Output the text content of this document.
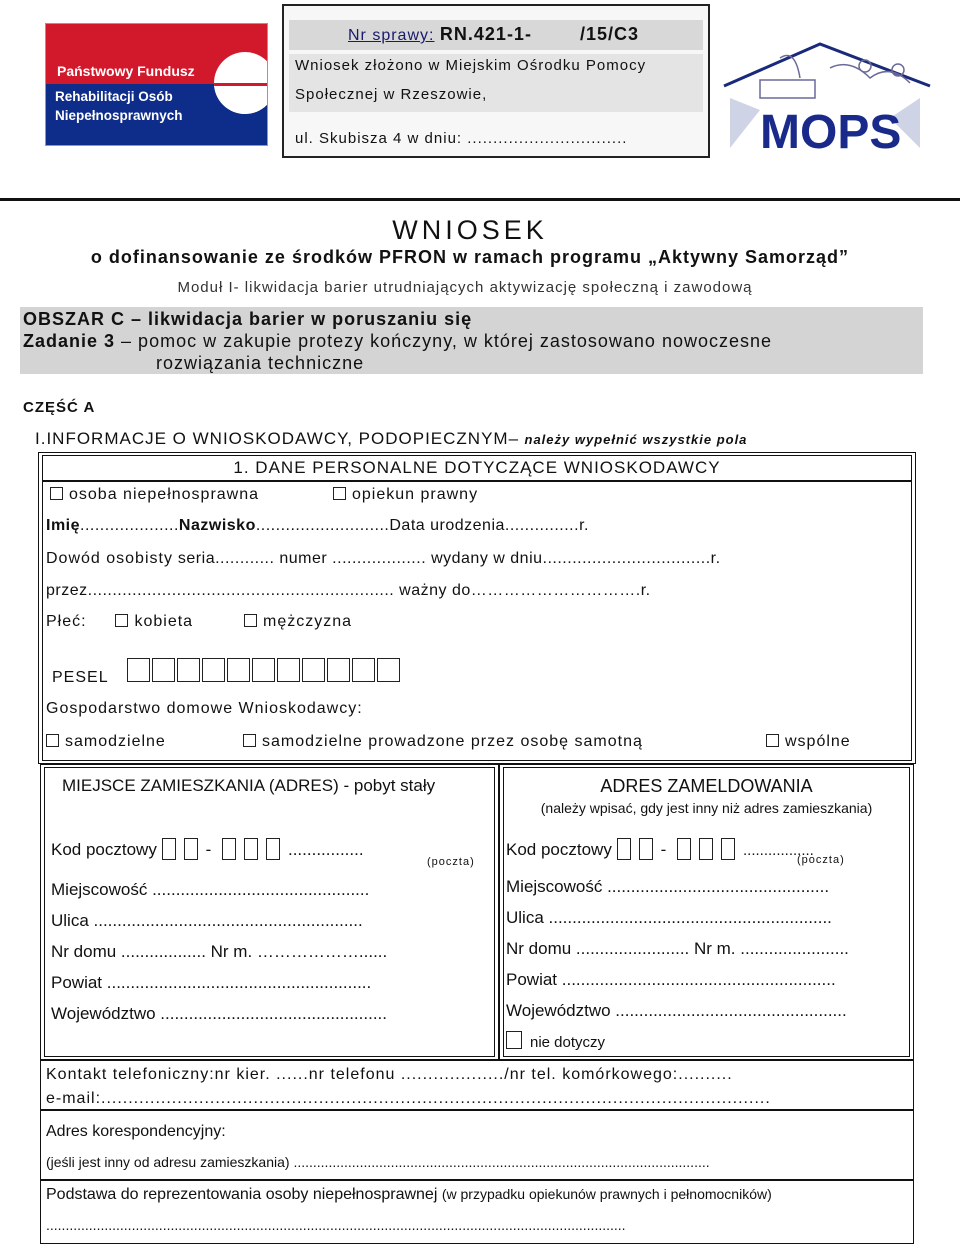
Państwowy Fundusz
Rehabilitacji Osób
Niepełnosprawnych
Nr sprawy: RN.421-1-        /15/C3
Wniosek złożono w Miejskim Ośrodku Pomocy
Społecznej w Rzeszowie,
ul. Skubisza 4 w dniu: ...............................	MOPS
WNIOSEK
o dofinansowanie ze środków PFRON w ramach programu „Aktywny Samorząd”
Moduł I- likwidacja barier utrudniających aktywizację społeczną i zawodową
OBSZAR C – likwidacja barier w poruszaniu się
Zadanie 3 – pomoc w zakupie protezy kończyny, w której zastosowano nowoczesne
rozwiązania techniczne
CZĘŚĆ A
I.INFORMACJE O WNIOSKODAWCY, PODOPIECZNYM– należy wypełnić wszystkie pola
1. DANE PERSONALNE DOTYCZĄCE WNIOSKODAWCY
osoba niepełnosprawna	opiekun prawny
Imię....................Nazwisko...........................Data urodzenia...............r.
Dowód osobisty seria............ numer ................... wydany w dniu..................................r.
przez.............................................................. ważny do………………………….r.
Płeć:	kobieta	mężczyzna
PESEL
Gospodarstwo domowe Wnioskodawcy:
samodzielne	samodzielne prowadzone przez osobę samotną	wspólne
MIEJSCE ZAMIESZKANIA (ADRES) - pobyt stały
Kod pocztowy	-	................
(poczta)
Miejscowość ..............................................
Ulica .........................................................
Nr domu .................. Nr m. ………………......
Powiat ........................................................
Województwo ................................................
ADRES ZAMELDOWANIA
(należy wpisać, gdy jest inny niż adres zamieszkania)
Kod pocztowy	-	.................
(poczta)
Miejscowość ...............................................
Ulica ............................................................
Nr domu ........................ Nr m. .......................
Powiat ..........................................................
Województwo .................................................
nie dotyczy
Kontakt telefoniczny:nr kier. ......nr telefonu .................../nr tel. komórkowego:..........
e-mail:...........................................................................................................................
Adres korespondencyjny:
(jeśli jest inny od adresu zamieszkania) ...........................................................................................................
Podstawa do reprezentowania osoby niepełnosprawnej (w przypadku opiekunów prawnych i pełnomocników)
.....................................................................................................................................................
